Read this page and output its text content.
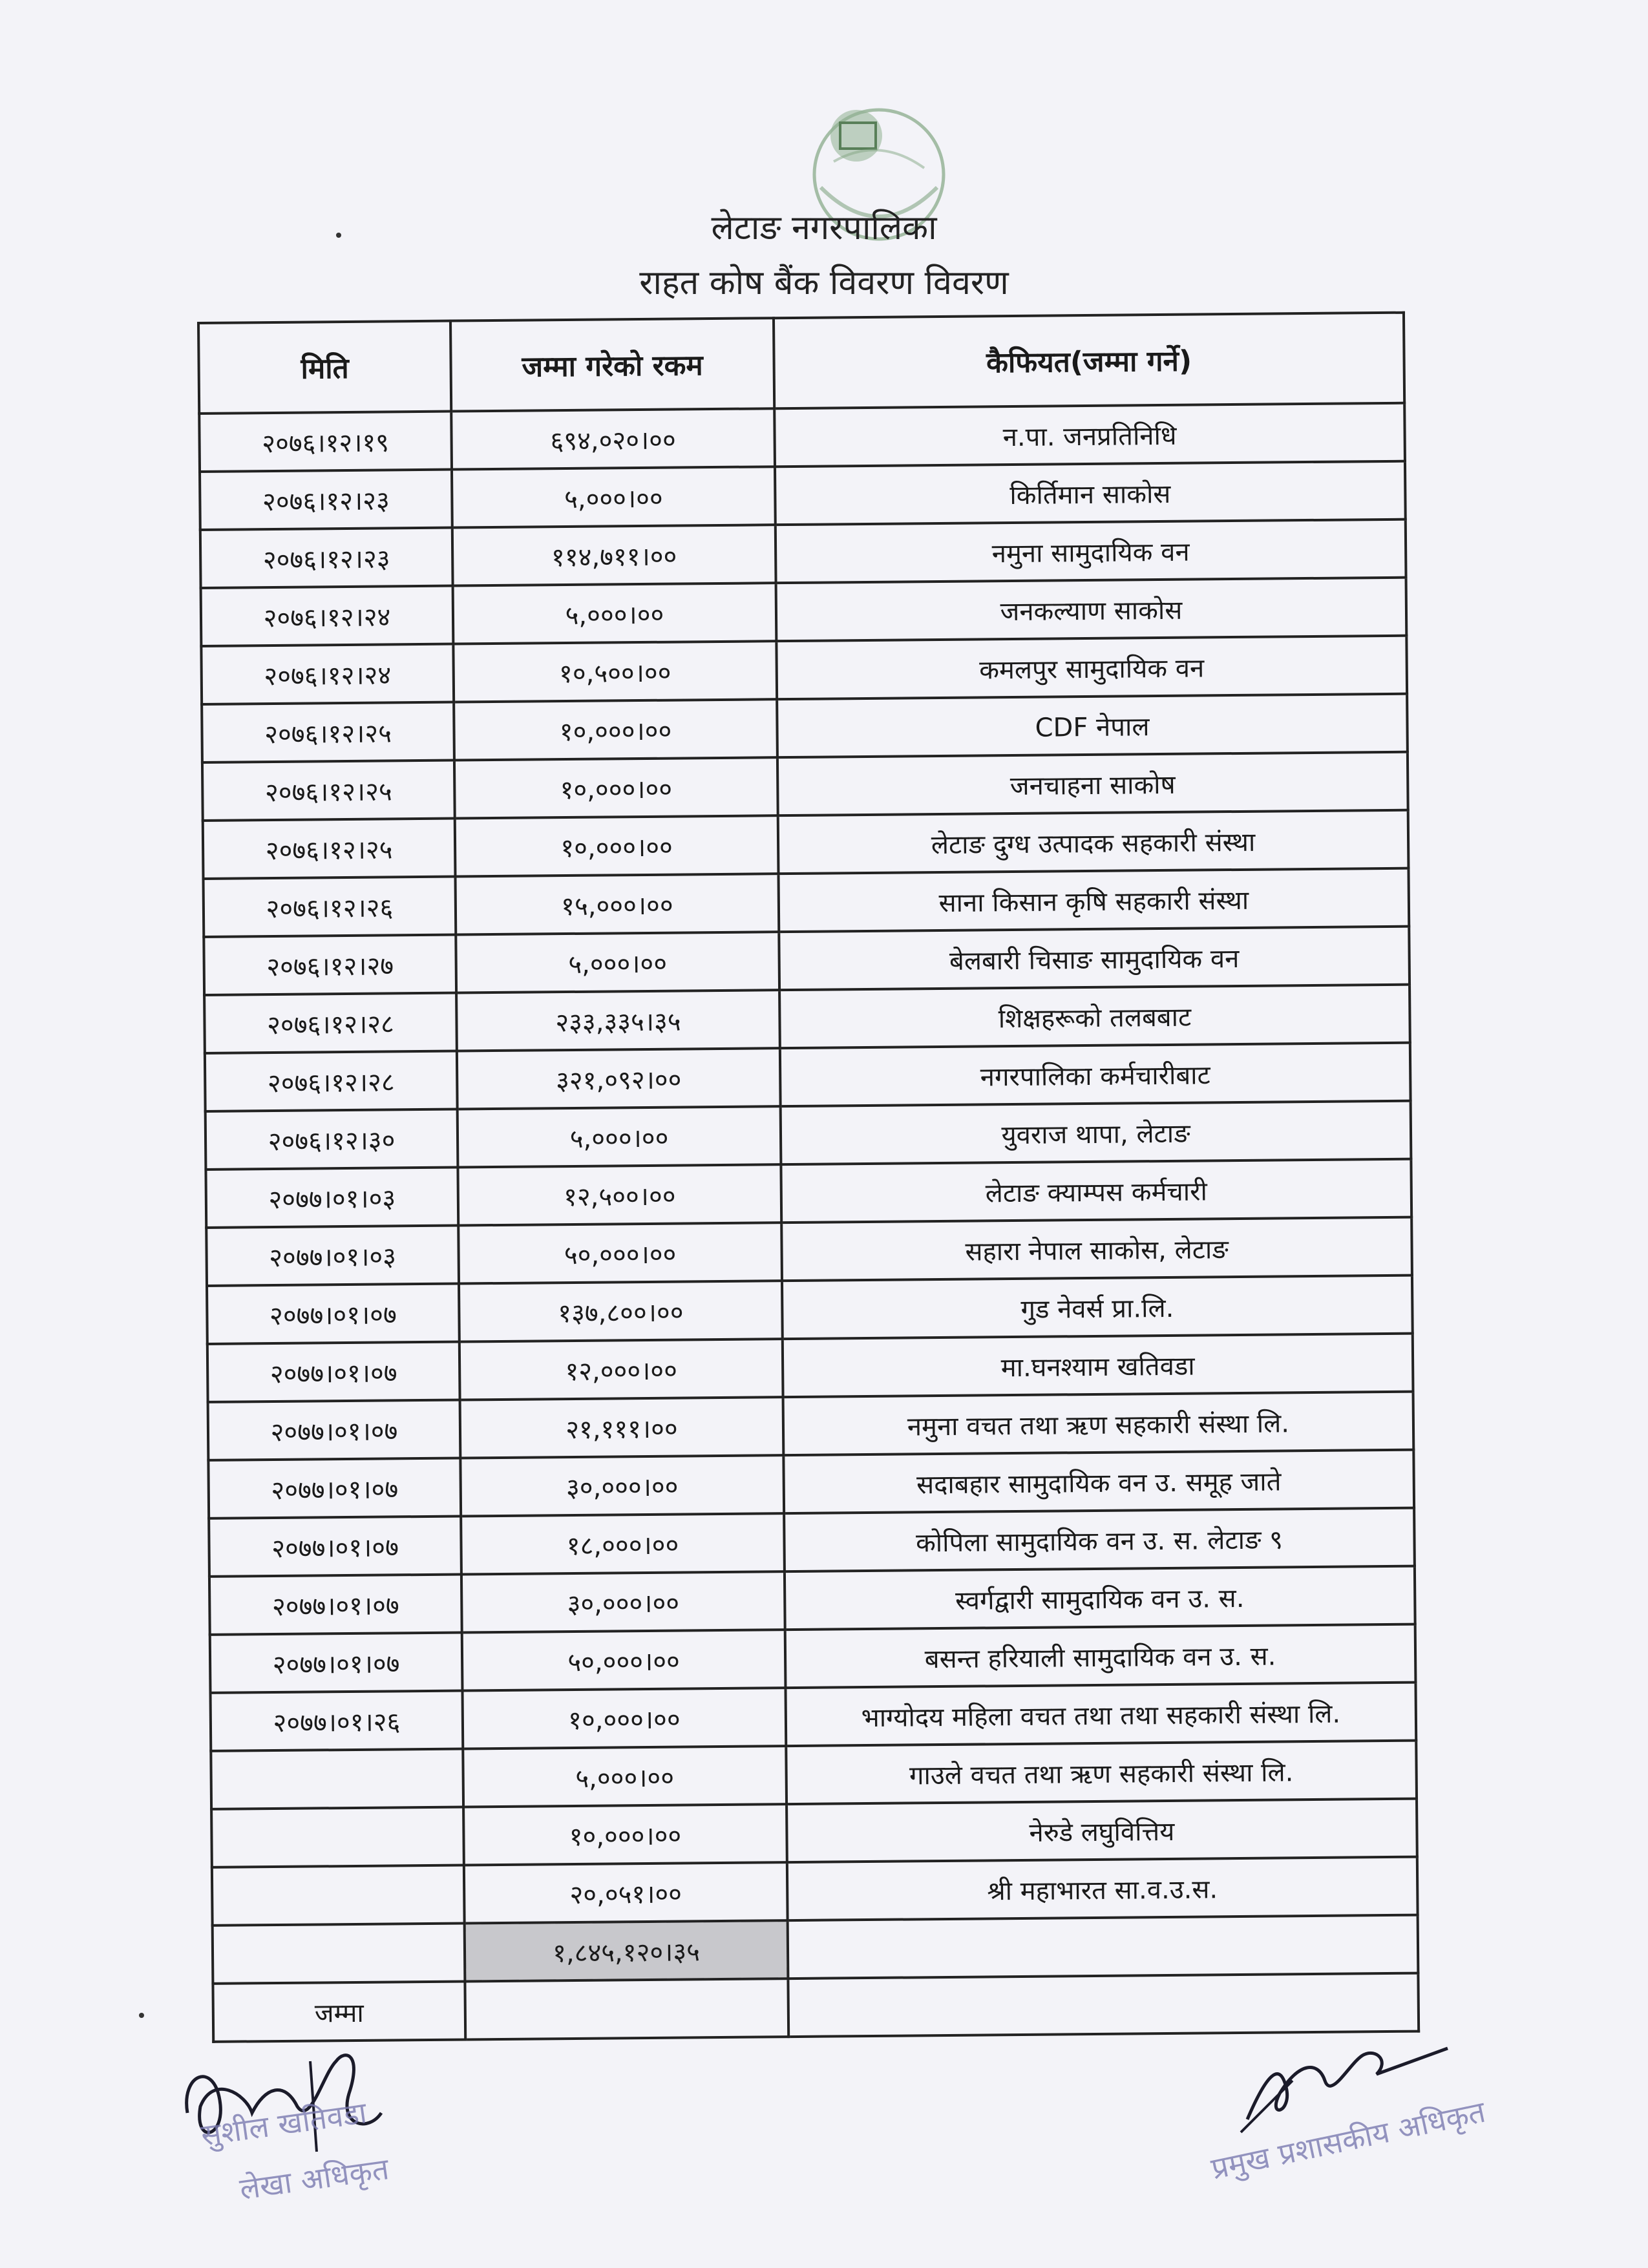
लेटाङ नगरपालिका
राहत कोष बैंक विवरण विवरण
मिति	जम्मा गरेको रकम	कैफियत(जम्मा गर्ने)
२०७६।१२।१९	६९४,०२०।००	न.पा. जनप्रतिनिधि
२०७६।१२।२३	५,०००।००	किर्तिमान साकोस
२०७६।१२।२३	११४,७११।००	नमुना सामुदायिक वन
२०७६।१२।२४	५,०००।००	जनकल्याण साकोस
२०७६।१२।२४	१०,५००।००	कमलपुर सामुदायिक वन
२०७६।१२।२५	१०,०००।००	CDF नेपाल
२०७६।१२।२५	१०,०००।००	जनचाहना साकोष
२०७६।१२।२५	१०,०००।००	लेटाङ दुग्ध उत्पादक सहकारी संस्था
२०७६।१२।२६	१५,०००।००	साना किसान कृषि सहकारी संस्था
२०७६।१२।२७	५,०००।००	बेलबारी चिसाङ सामुदायिक वन
२०७६।१२।२८	२३३,३३५।३५	शिक्षहरूको तलबबाट
२०७६।१२।२८	३२१,०९२।००	नगरपालिका कर्मचारीबाट
२०७६।१२।३०	५,०००।००	युवराज थापा, लेटाङ
२०७७।०१।०३	१२,५००।००	लेटाङ क्याम्पस कर्मचारी
२०७७।०१।०३	५०,०००।००	सहारा नेपाल साकोस, लेटाङ
२०७७।०१।०७	१३७,८००।००	गुड नेवर्स प्रा.लि.
२०७७।०१।०७	१२,०००।००	मा.घनश्याम खतिवडा
२०७७।०१।०७	२१,१११।००	नमुना वचत तथा ऋण सहकारी संस्था लि.
२०७७।०१।०७	३०,०००।००	सदाबहार सामुदायिक वन उ. समूह जाते
२०७७।०१।०७	१८,०००।००	कोपिला सामुदायिक वन उ. स. लेटाङ ९
२०७७।०१।०७	३०,०००।००	स्वर्गद्वारी सामुदायिक वन उ. स.
२०७७।०१।०७	५०,०००।००	बसन्त हरियाली सामुदायिक वन उ. स.
२०७७।०१।२६	१०,०००।००	भाग्योदय महिला वचत तथा तथा सहकारी संस्था लि.
	५,०००।००	गाउले वचत तथा ऋण सहकारी संस्था लि.
	१०,०००।००	नेरुडे लघुवित्तिय
	२०,०५१।००	श्री महाभारत सा.व.उ.स.
	१,८४५,१२०।३५	
जम्मा		
सुशील खतिवडा
लेखा अधिकृत	प्रमुख प्रशासकीय अधिकृत
